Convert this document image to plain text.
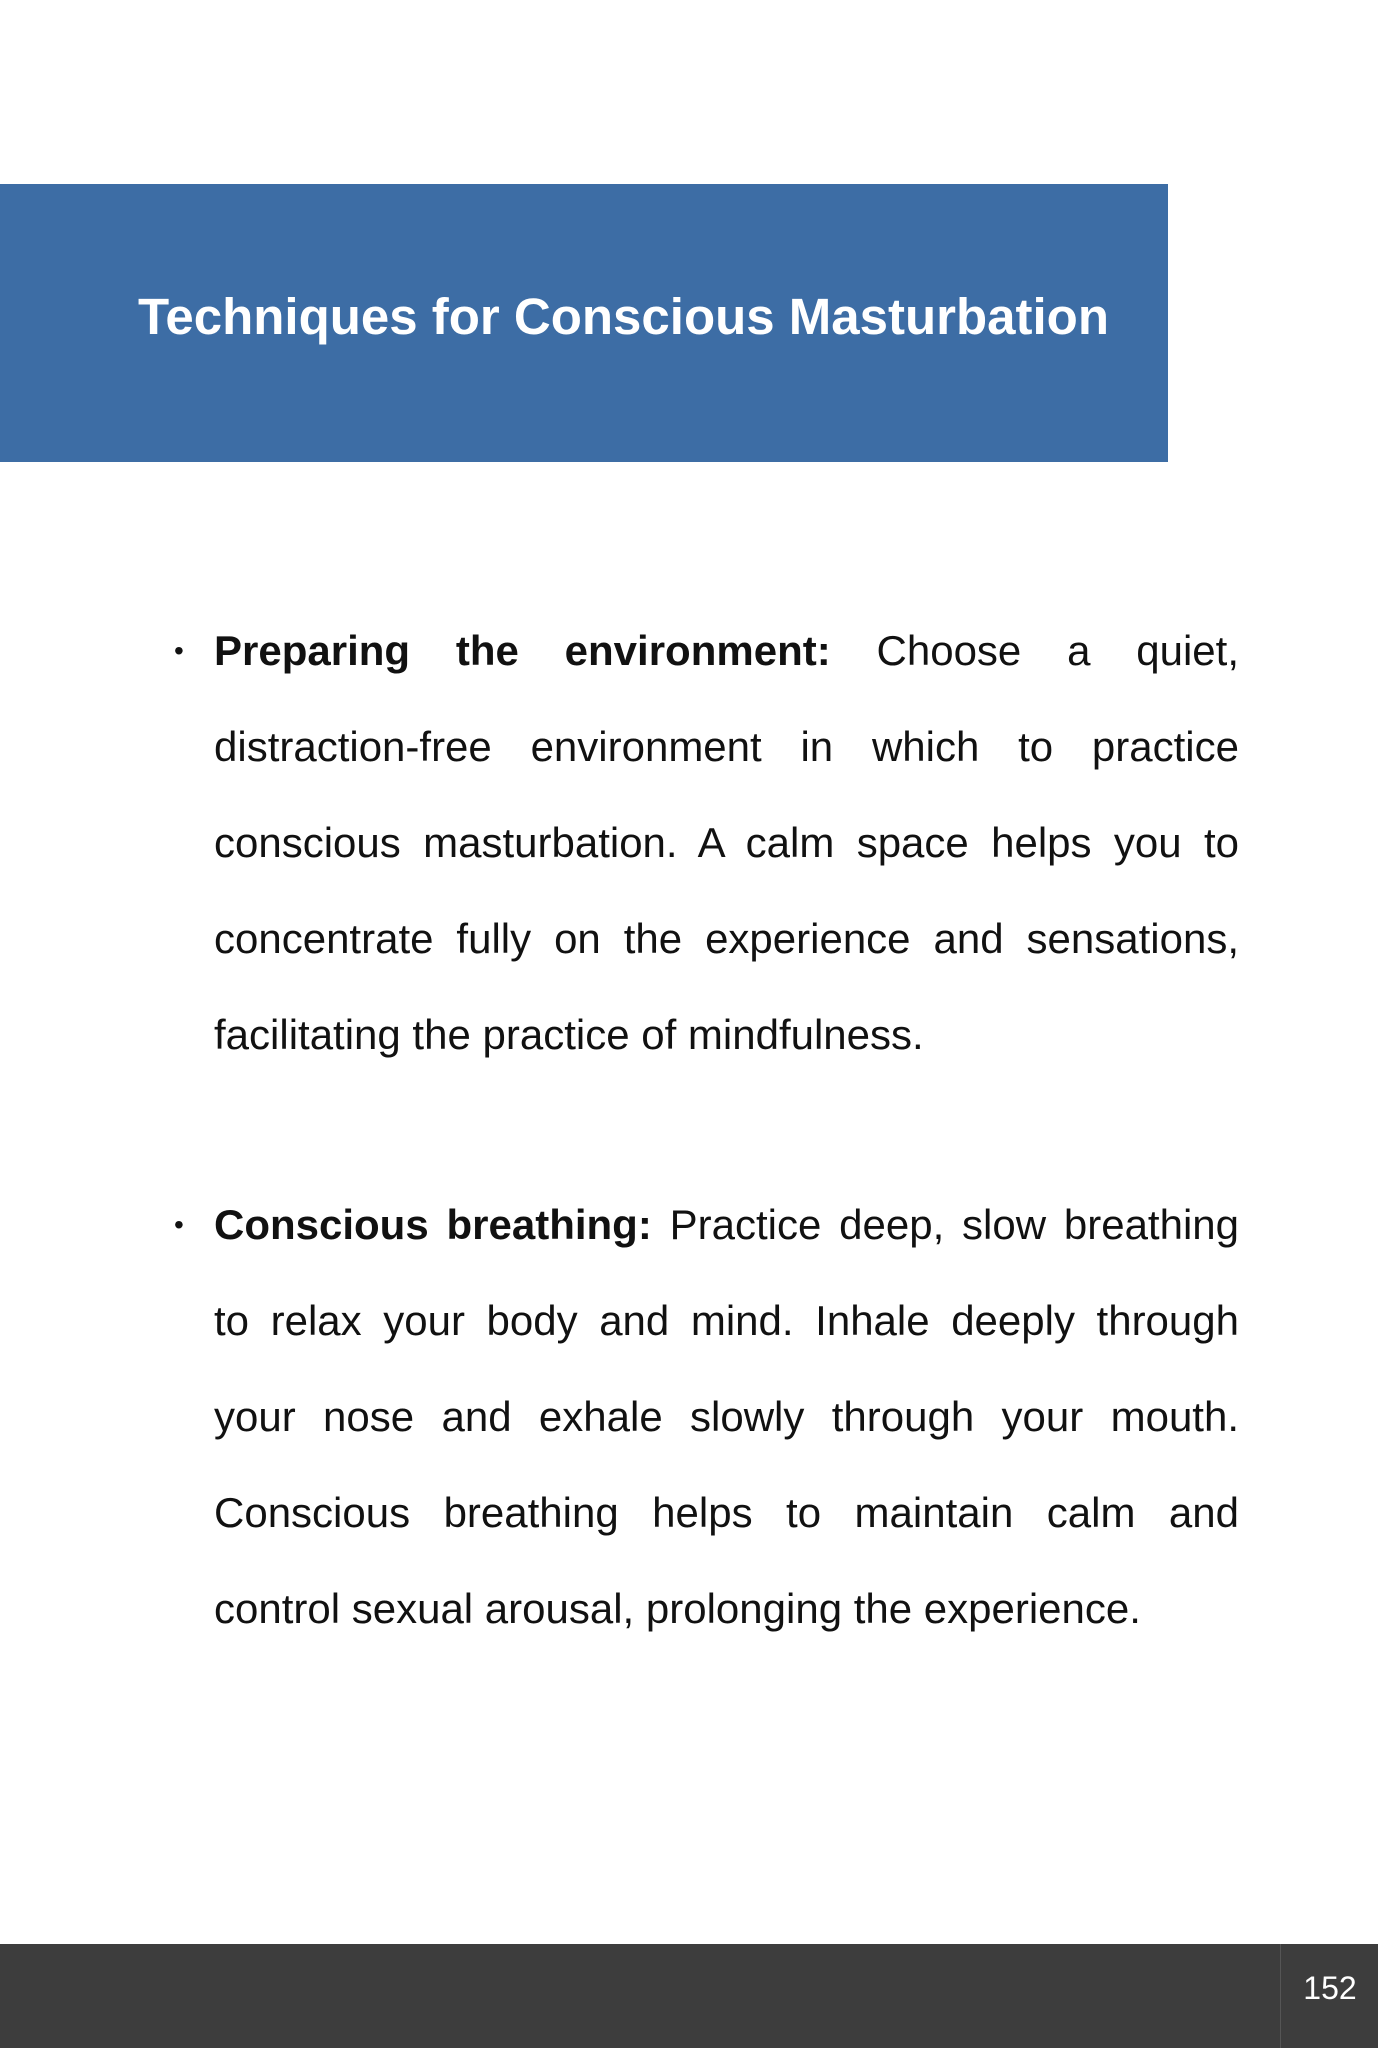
Techniques for Conscious Masturbation
• Preparing the environment: Choose a quiet, distraction-free environment in which to practice conscious masturbation. A calm space helps you to concentrate fully on the experience and sensations, facilitating the practice of mindfulness.
• Conscious breathing: Practice deep, slow breathing to relax your body and mind. Inhale deeply through your nose and exhale slowly through your mouth. Conscious breathing helps to maintain calm and control sexual arousal, prolonging the experience.
152
